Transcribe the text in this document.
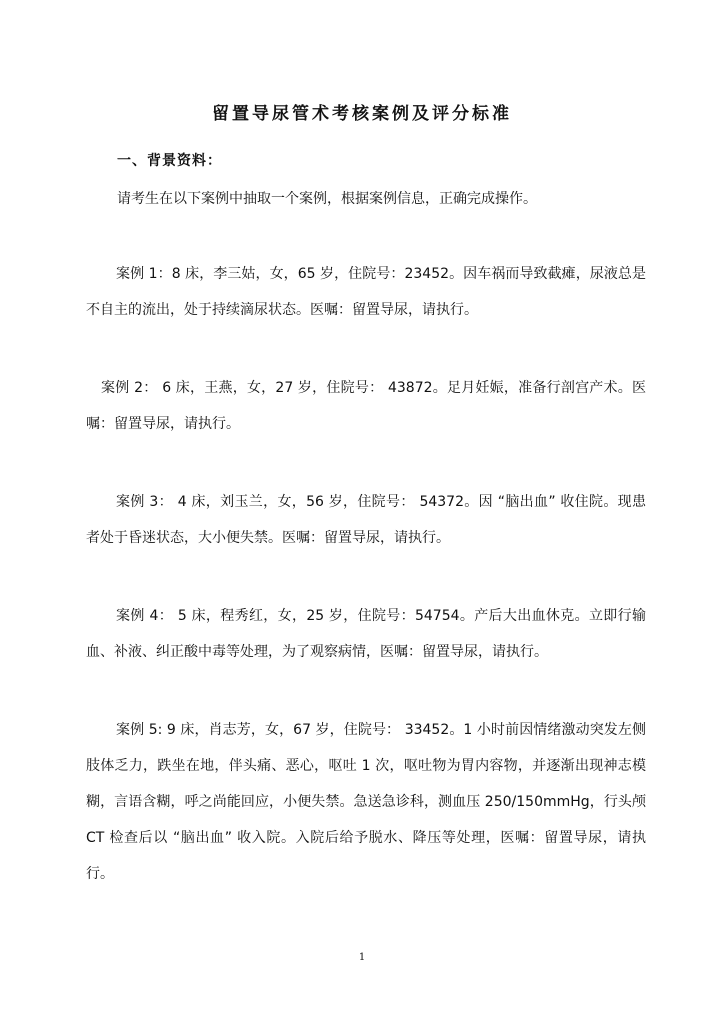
留置导尿管术考核案例及评分标准
一、背景资料：

请考生在以下案例中抽取一个案例，根据案例信息，正确完成操作。

案例 1：8 床，李三姑，女，65 岁，住院号：23452。因车祸而导致截瘫，尿液总是不自主的流出，处于持续滴尿状态。医嘱：留置导尿，请执行。

案例 2： 6 床，王燕，女，27 岁，住院号： 43872。足月妊娠，准备行剖宫产术。医嘱：留置导尿，请执行。

案例 3： 4 床，刘玉兰，女，56 岁，住院号： 54372。因 “脑出血” 收住院。现患者处于昏迷状态，大小便失禁。医嘱：留置导尿，请执行。

案例 4： 5 床，程秀红，女，25 岁，住院号：54754。产后大出血休克。立即行输血、补液、纠正酸中毒等处理，为了观察病情，医嘱：留置导尿，请执行。

案例 5: 9 床，肖志芳，女，67 岁，住院号： 33452。1 小时前因情绪激动突发左侧肢体乏力，跌坐在地，伴头痛、恶心，呕吐 1 次，呕吐物为胃内容物，并逐渐出现神志模糊，言语含糊，呼之尚能回应，小便失禁。急送急诊科，测血压 250/150mmHg，行头颅 CT 检查后以 “脑出血” 收入院。入院后给予脱水、降压等处理，医嘱：留置导尿，请执行。

1
